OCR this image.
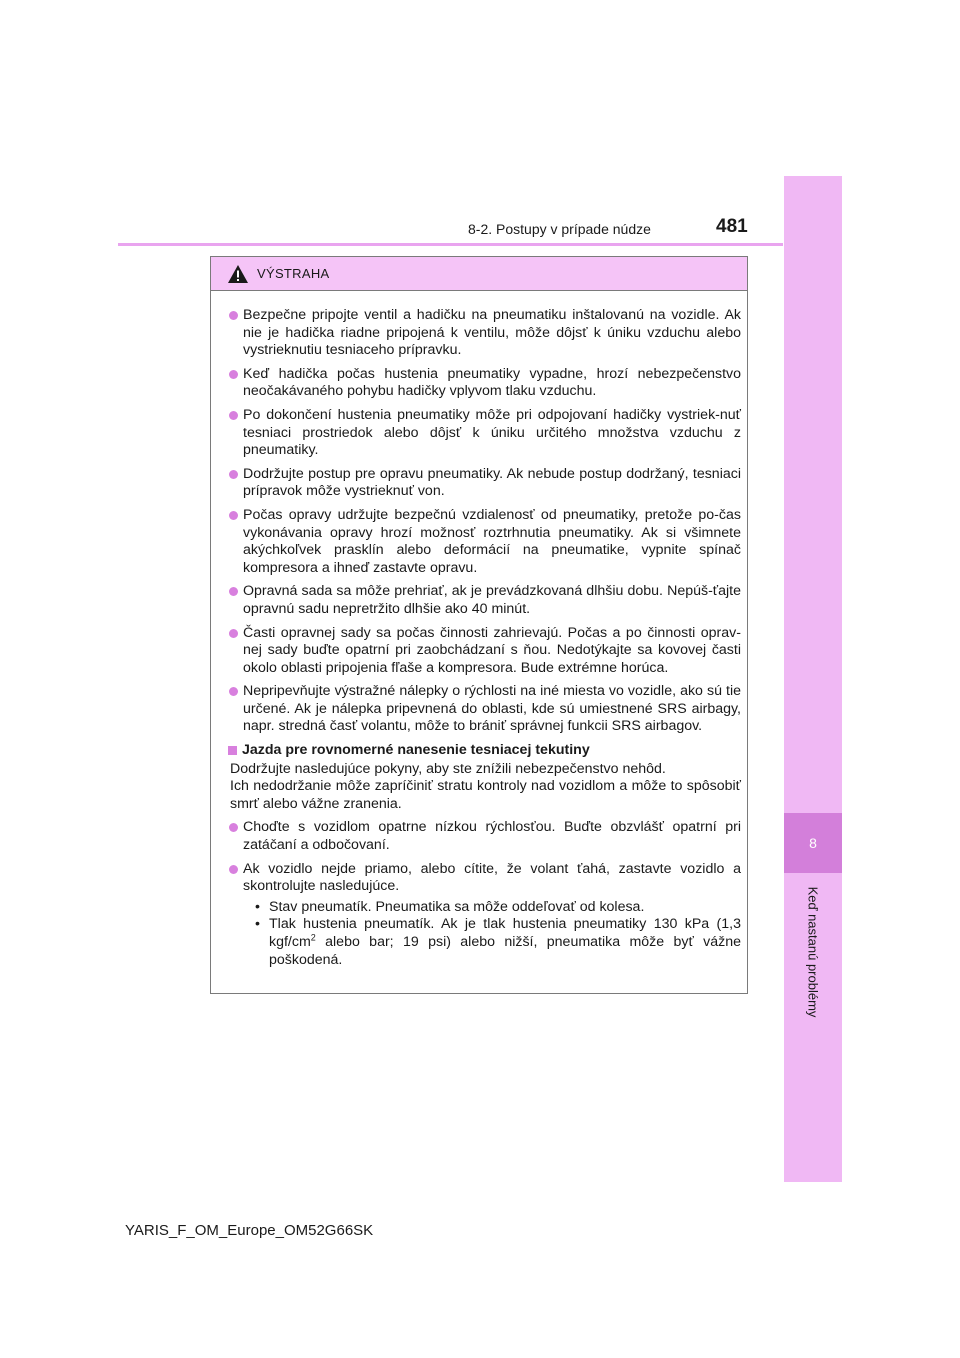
8
Keď nastanú problémy
8-2. Postupy v prípade núdze	481
VÝSTRAHA
Bezpečne pripojte ventil a hadičku na pneumatiku inštalovanú na vozidle. Ak nie je hadička riadne pripojená k ventilu, môže dôjsť k úniku vzduchu alebo vystrieknutiu tesniaceho prípravku.
Keď hadička počas hustenia pneumatiky vypadne, hrozí nebezpečenstvo neočakávaného pohybu hadičky vplyvom tlaku vzduchu.
Po dokončení hustenia pneumatiky môže pri odpojovaní hadičky vystriek-nuť tesniaci prostriedok alebo dôjsť k úniku určitého množstva vzduchu z pneumatiky.
Dodržujte postup pre opravu pneumatiky. Ak nebude postup dodržaný, tesniaci prípravok môže vystrieknuť von.
Počas opravy udržujte bezpečnú vzdialenosť od pneumatiky, pretože po-čas vykonávania opravy hrozí možnosť roztrhnutia pneumatiky. Ak si všimnete akýchkoľvek prasklín alebo deformácií na pneumatike, vypnite spínač kompresora a ihneď zastavte opravu.
Opravná sada sa môže prehriať, ak je prevádzkovaná dlhšiu dobu. Nepúš-ťajte opravnú sadu nepretržito dlhšie ako 40 minút.
Časti opravnej sady sa počas činnosti zahrievajú. Počas a po činnosti oprav-nej sady buďte opatrní pri zaobchádzaní s ňou. Nedotýkajte sa kovovej časti okolo oblasti pripojenia fľaše a kompresora. Bude extrémne horúca.
Nepripevňujte výstražné nálepky o rýchlosti na iné miesta vo vozidle, ako sú tie určené. Ak je nálepka pripevnená do oblasti, kde sú umiestnené SRS airbagy, napr. stredná časť volantu, môže to brániť správnej funkcii SRS airbagov.
Jazda pre rovnomerné nanesenie tesniacej tekutiny

Dodržujte nasledujúce pokyny, aby ste znížili nebezpečenstvo nehôd.

Ich nedodržanie môže zapríčiniť stratu kontroly nad vozidlom a môže to spôsobiť smrť alebo vážne zranenia.

Choďte s vozidlom opatrne nízkou rýchlosťou. Buďte obzvlášť opatrní pri zatáčaní a odbočovaní.
Ak vozidlo nejde priamo, alebo cítite, že volant ťahá, zastavte vozidlo a skontrolujte nasledujúce.
• Stav pneumatík. Pneumatika sa môže oddeľovať od kolesa.
• Tlak hustenia pneumatík. Ak je tlak hustenia pneumatiky 130 kPa (1,3 kgf/$cm^2$ alebo bar; 19 psi) alebo nižší, pneumatika môže byť vážne poškodená.
YARIS_F_OM_Europe_OM52G66SK
